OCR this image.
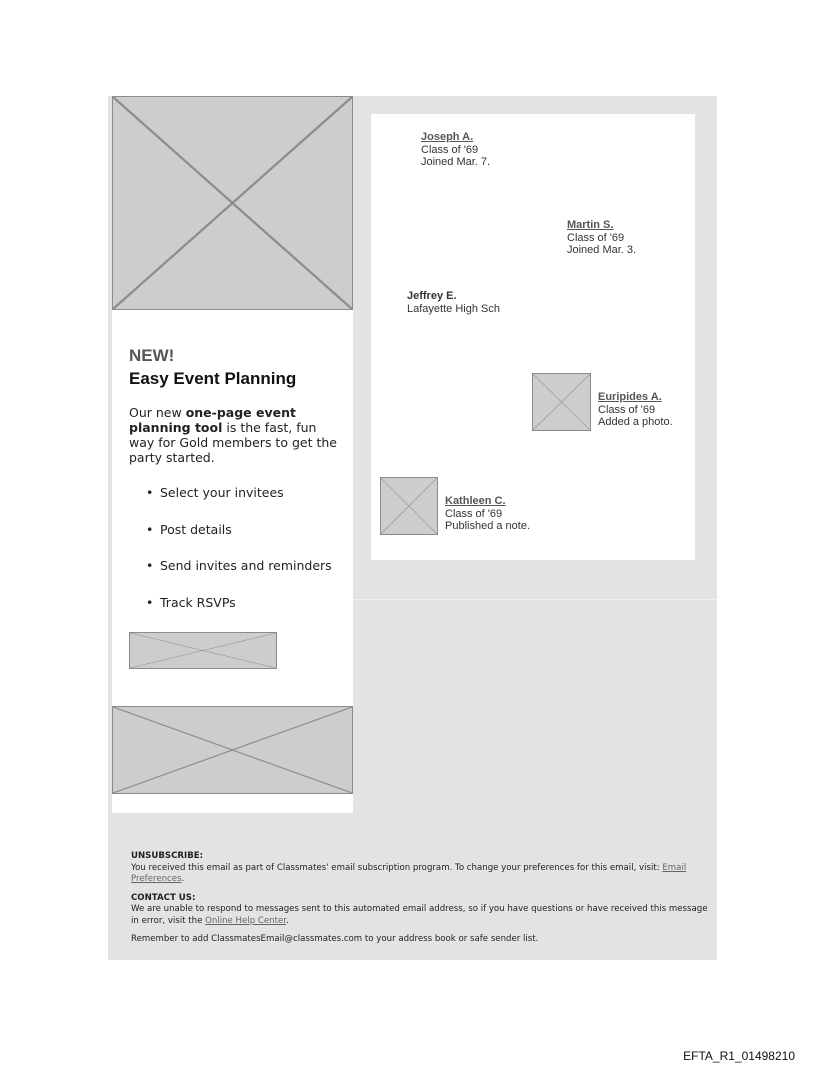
NEW!
Easy Event Planning
Our new one-page event planning tool is the fast, fun way for Gold members to get the party started.
• Select your invitees
• Post details
• Send invites and reminders
• Track RSVPs
Joseph A.
Class of '69
Joined Mar. 7.
Martin S.
Class of '69
Joined Mar. 3.
Jeffrey E.
Lafayette High Sch
Euripides A.
Class of '69
Added a photo.
Kathleen C.
Class of '69
Published a note.

UNSUBSCRIBE:
You received this email as part of Classmates' email subscription program. To change your preferences for this email, visit: Email Preferences.

CONTACT US:
We are unable to respond to messages sent to this automated email address, so if you have questions or have received this message in error, visit the Online Help Center.

Remember to add ClassmatesEmail@classmates.com to your address book or safe sender list.

EFTA_R1_01498210
